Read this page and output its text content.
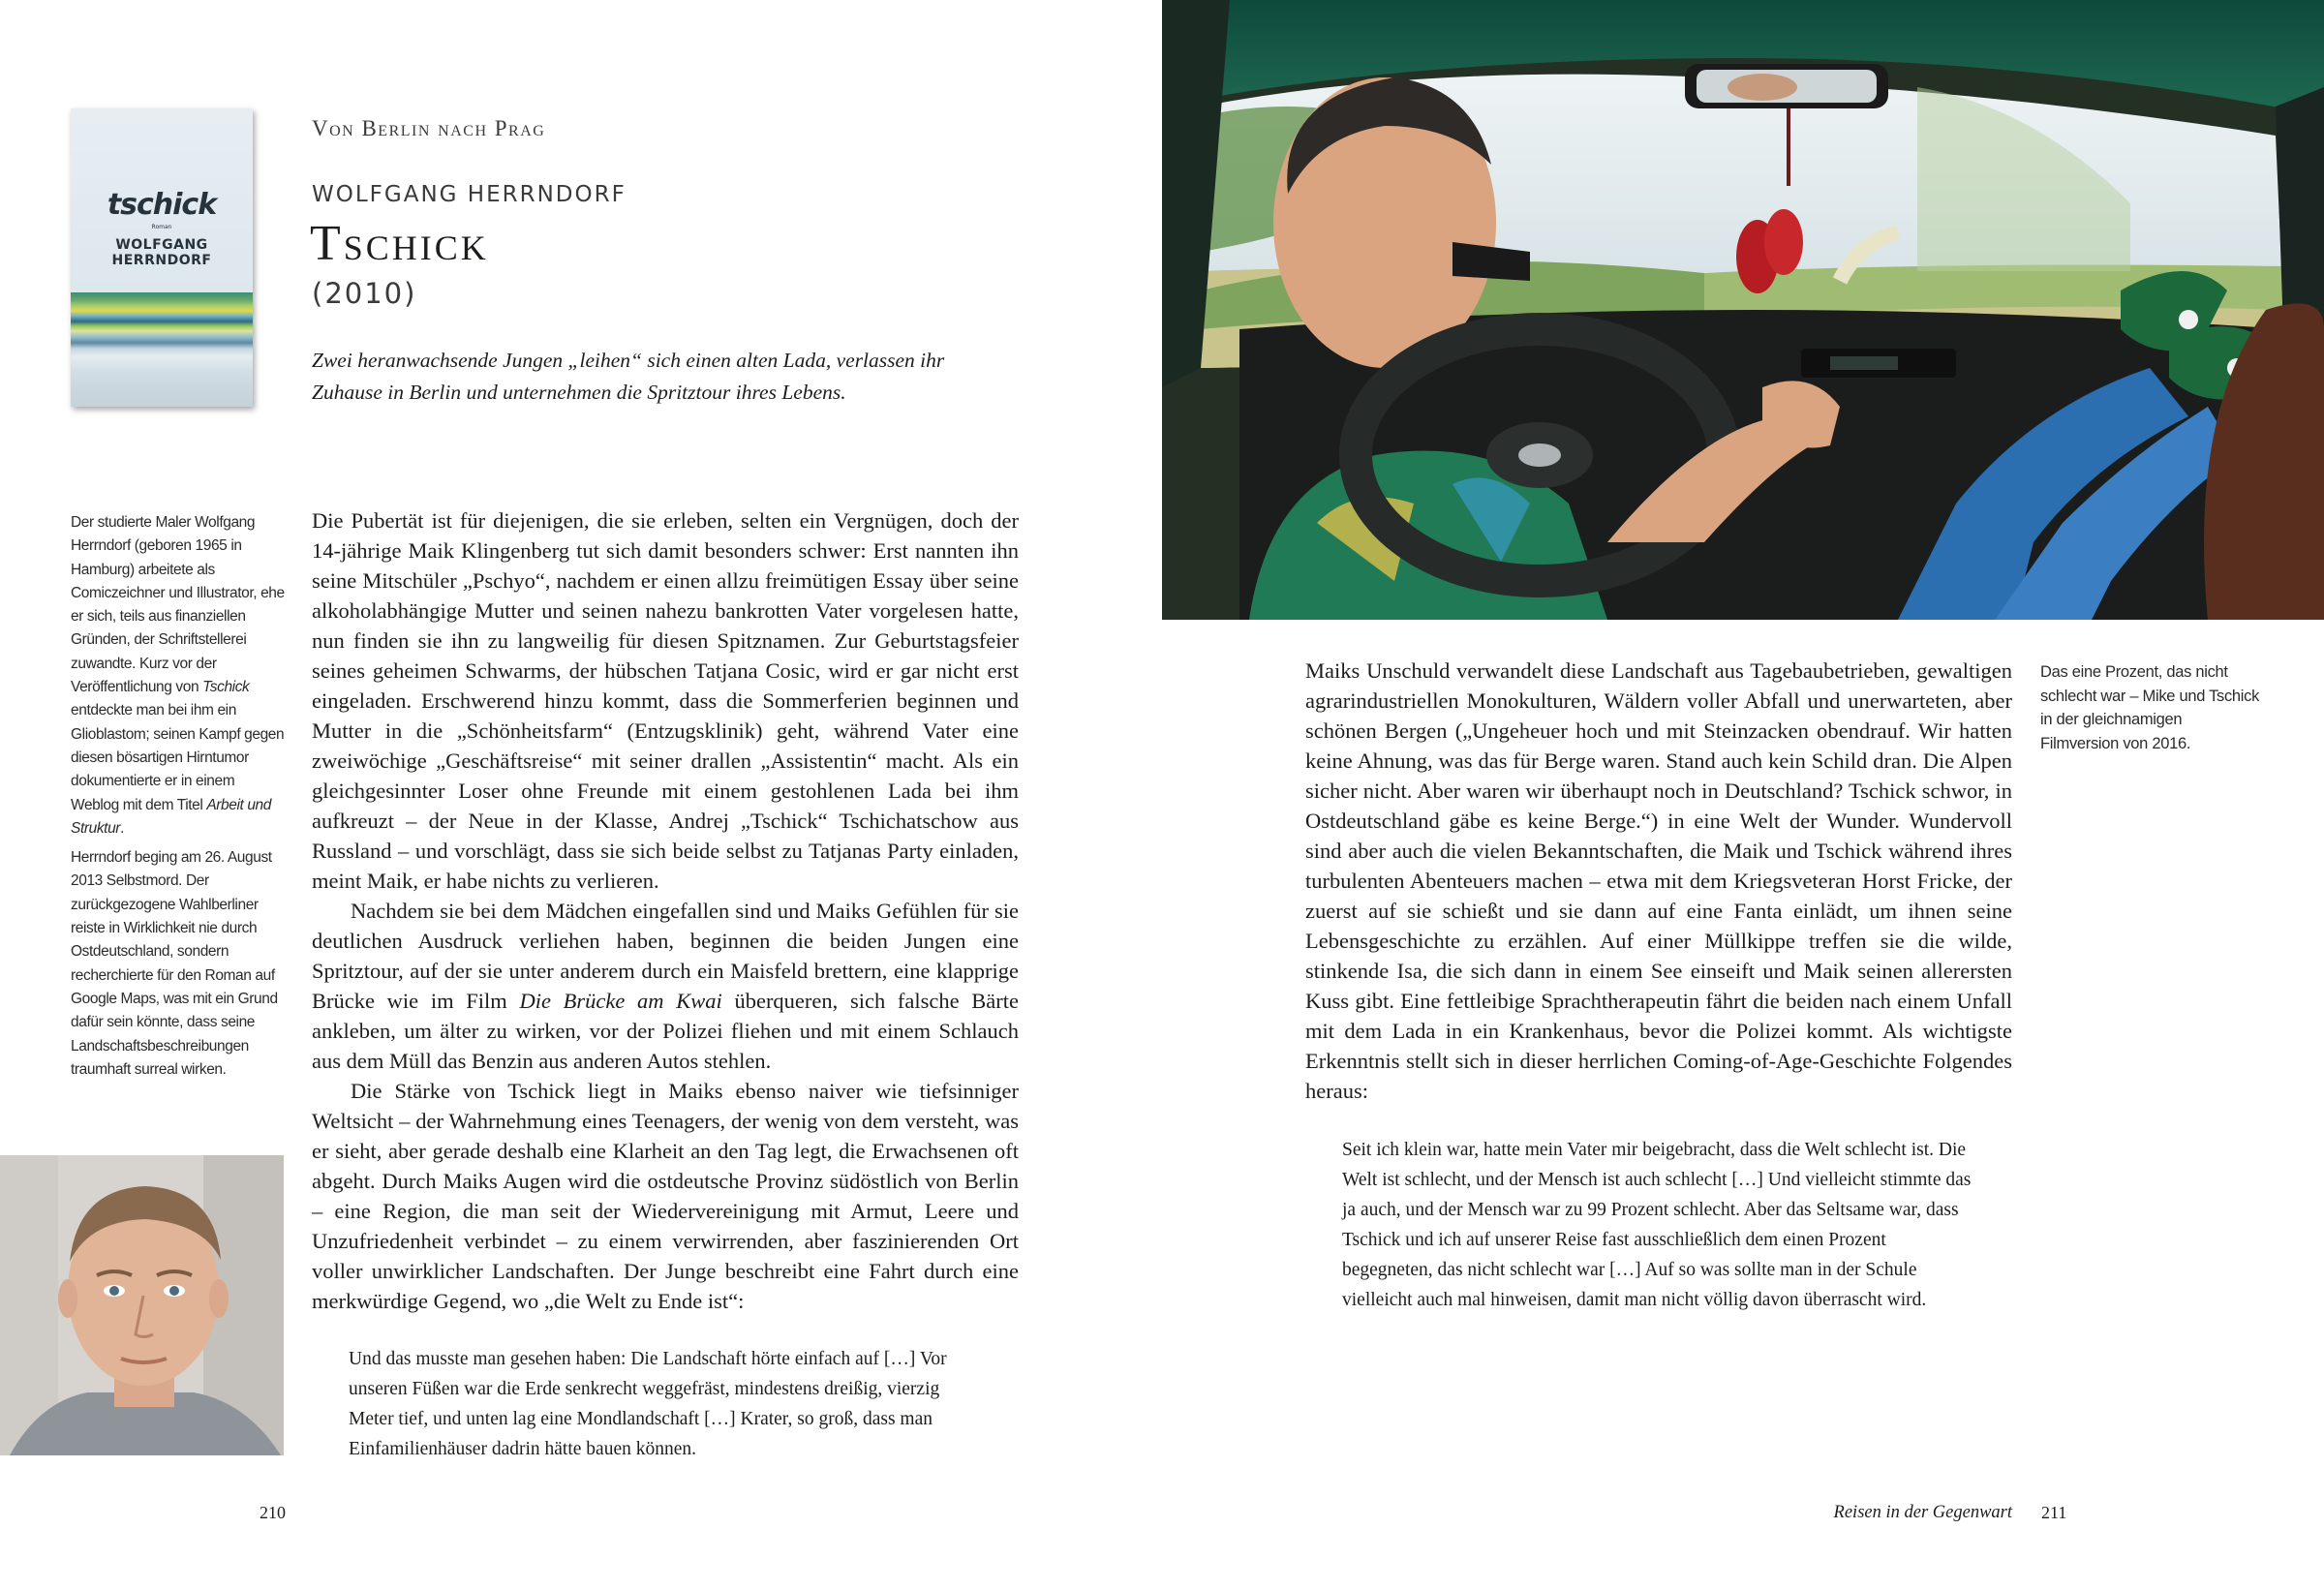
tschick
Roman
WOLFGANG HERRNDORF
Von Berlin nach Prag
WOLFGANG HERRNDORF
Tschick
(2010)
Zwei heranwachsende Jungen „leihen“ sich einen alten Lada, verlassen ihr Zuhause in Berlin und unternehmen die Spritztour ihres Lebens.

Der studierte Maler Wolfgang Herrndorf (geboren 1965 in Hamburg) arbeitete als Comiczeichner und Illustrator, ehe er sich, teils aus finanziellen Gründen, der Schriftstellerei zuwandte. Kurz vor der Veröffentlichung von Tschick entdeckte man bei ihm ein Glioblastom; seinen Kampf gegen diesen bösartigen Hirntumor dokumentierte er in einem Weblog mit dem Titel Arbeit und Struktur.

Herrndorf beging am 26. August 2013 Selbstmord. Der zurückgezogene Wahlberliner reiste in Wirklichkeit nie durch Ostdeutschland, sondern recherchierte für den Roman auf Google Maps, was mit ein Grund dafür sein könnte, dass seine Landschaftsbeschreibungen traumhaft surreal wirken.

Die Pubertät ist für diejenigen, die sie erleben, selten ein Vergnügen, doch der 14-jährige Maik Klingenberg tut sich damit besonders schwer: Erst nannten ihn seine Mitschüler „Pschyo“, nachdem er einen allzu freimütigen Essay über seine alkoholabhängige Mutter und seinen nahezu bankrotten Vater vorgelesen hatte, nun finden sie ihn zu langweilig für diesen Spitznamen. Zur Geburtstagsfeier seines geheimen Schwarms, der hübschen Tatjana Cosic, wird er gar nicht erst eingeladen. Erschwerend hinzu kommt, dass die Sommerferien beginnen und Mutter in die „Schönheitsfarm“ (Entzugsklinik) geht, während Vater eine zweiwöchige „Geschäftsreise“ mit seiner drallen „Assistentin“ macht. Als ein gleichgesinnter Loser ohne Freunde mit einem gestohlenen Lada bei ihm aufkreuzt – der Neue in der Klasse, Andrej „Tschick“ Tschichatschow aus Russland – und vorschlägt, dass sie sich beide selbst zu Tatjanas Party einladen, meint Maik, er habe nichts zu verlieren.

Nachdem sie bei dem Mädchen eingefallen sind und Maiks Gefühlen für sie deutlichen Ausdruck verliehen haben, beginnen die beiden Jungen eine Spritztour, auf der sie unter anderem durch ein Maisfeld brettern, eine klapprige Brücke wie im Film Die Brücke am Kwai überqueren, sich falsche Bärte ankleben, um älter zu wirken, vor der Polizei fliehen und mit einem Schlauch aus dem Müll das Benzin aus anderen Autos stehlen.

Die Stärke von Tschick liegt in Maiks ebenso naiver wie tiefsinniger Weltsicht – der Wahrnehmung eines Teenagers, der wenig von dem versteht, was er sieht, aber gerade deshalb eine Klarheit an den Tag legt, die Erwachsenen oft abgeht. Durch Maiks Augen wird die ostdeutsche Provinz südöstlich von Berlin – eine Region, die man seit der Wiedervereinigung mit Armut, Leere und Unzufriedenheit verbindet – zu einem verwirrenden, aber faszinierenden Ort voller unwirklicher Landschaften. Der Junge beschreibt eine Fahrt durch eine merkwürdige Gegend, wo „die Welt zu Ende ist“:

Und das musste man gesehen haben: Die Landschaft hörte einfach auf […] Vor unseren Füßen war die Erde senkrecht weggefräst, mindestens dreißig, vierzig Meter tief, und unten lag eine Mondlandschaft […] Krater, so groß, dass man Einfamilienhäuser dadrin hätte bauen können.
210

Maiks Unschuld verwandelt diese Landschaft aus Tagebaubetrieben, gewaltigen agrarindustriellen Monokulturen, Wäldern voller Abfall und unerwarteten, aber schönen Bergen („Ungeheuer hoch und mit Steinzacken obendrauf. Wir hatten keine Ahnung, was das für Berge waren. Stand auch kein Schild dran. Die Alpen sicher nicht. Aber waren wir überhaupt noch in Deutschland? Tschick schwor, in Ostdeutschland gäbe es keine Berge.“) in eine Welt der Wunder. Wundervoll sind aber auch die vielen Bekanntschaften, die Maik und Tschick während ihres turbulenten Abenteuers machen – etwa mit dem Kriegsveteran Horst Fricke, der zuerst auf sie schießt und sie dann auf eine Fanta einlädt, um ihnen seine Lebensgeschichte zu erzählen. Auf einer Müllkippe treffen sie die wilde, stinkende Isa, die sich dann in einem See einseift und Maik seinen allerersten Kuss gibt. Eine fettleibige Sprachtherapeutin fährt die beiden nach einem Unfall mit dem Lada in ein Krankenhaus, bevor die Polizei kommt. Als wichtigste Erkenntnis stellt sich in dieser herrlichen Coming-of-Age-Geschichte Folgendes heraus:

Seit ich klein war, hatte mein Vater mir beigebracht, dass die Welt schlecht ist. Die Welt ist schlecht, und der Mensch ist auch schlecht […] Und vielleicht stimmte das ja auch, und der Mensch war zu 99 Prozent schlecht. Aber das Seltsame war, dass Tschick und ich auf unserer Reise fast ausschließlich dem einen Prozent begegneten, das nicht schlecht war […] Auf so was sollte man in der Schule vielleicht auch mal hinweisen, damit man nicht völlig davon überrascht wird.
Das eine Prozent, das nicht schlecht war – Mike und Tschick in der gleichnamigen Filmversion von 2016.
Reisen in der Gegenwart 211
